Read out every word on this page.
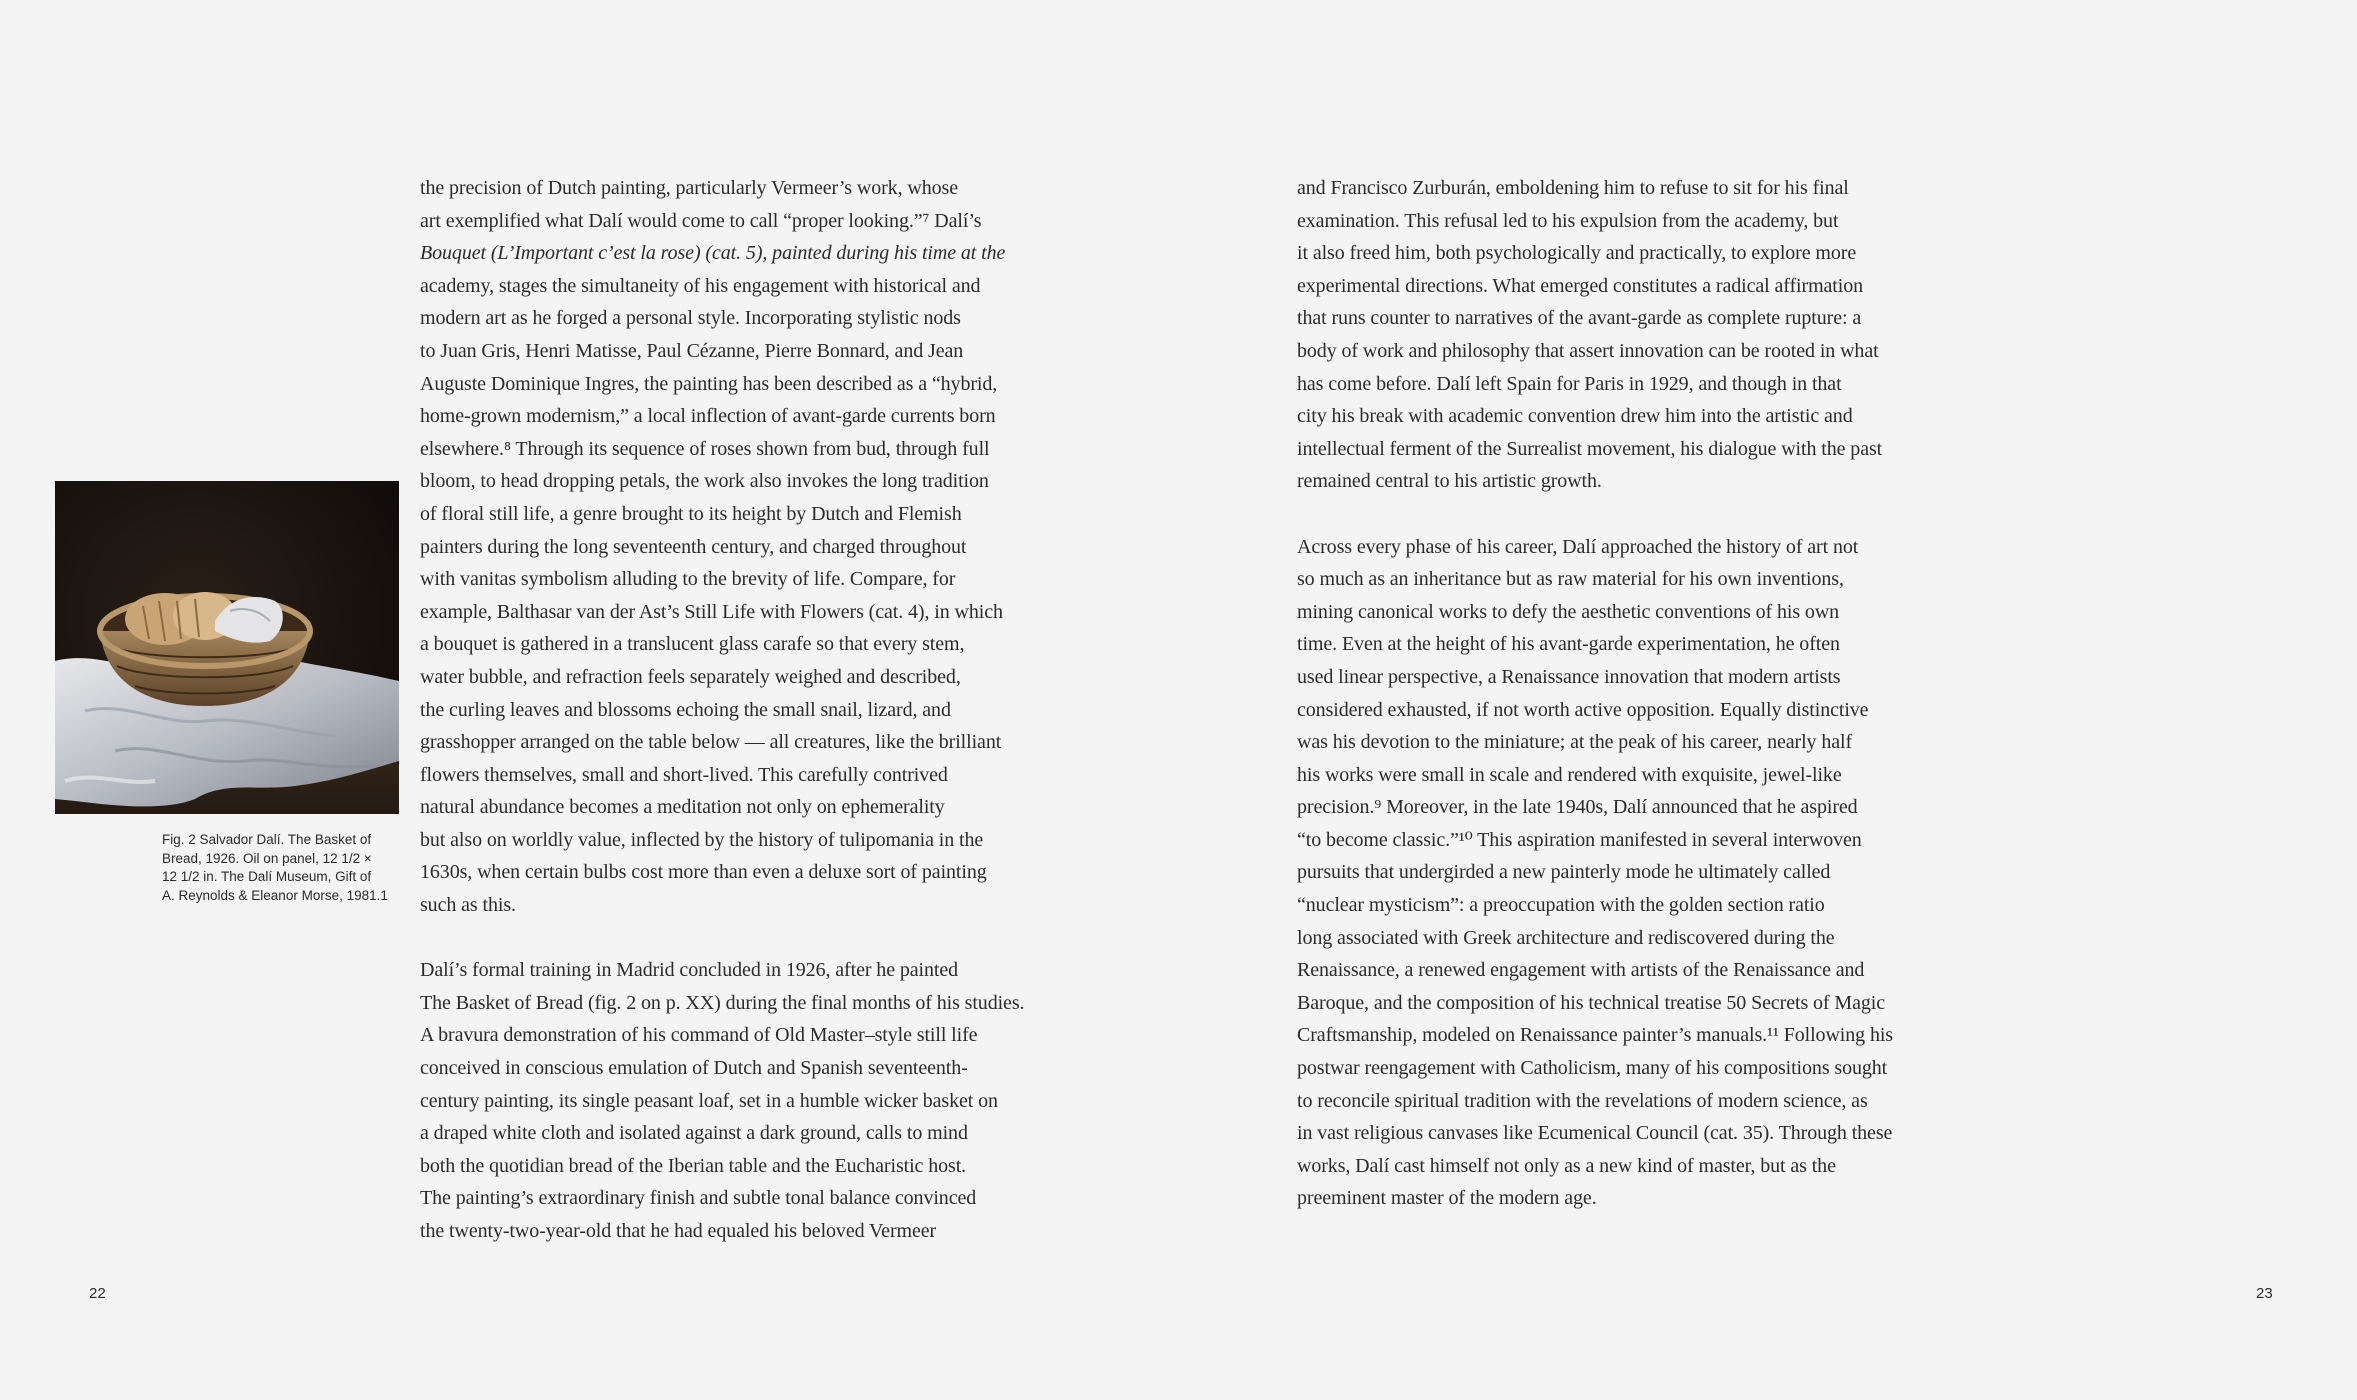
Fig. 2 Salvador Dalí. The Basket of
Bread, 1926. Oil on panel, 12 1/2 ×
12 1/2 in. The Dalí Museum, Gift of
A. Reynolds & Eleanor Morse, 1981.1
the precision of Dutch painting, particularly Vermeer’s work, whose
art exemplified what Dalí would come to call “proper looking.”⁷ Dalí’s
Bouquet (L’Important c’est la rose) (cat. 5), painted during his time at the
academy, stages the simultaneity of his engagement with historical and
modern art as he forged a personal style. Incorporating stylistic nods
to Juan Gris, Henri Matisse, Paul Cézanne, Pierre Bonnard, and Jean
Auguste Dominique Ingres, the painting has been described as a “hybrid,
home-grown modernism,” a local inflection of avant-garde currents born
elsewhere.⁸ Through its sequence of roses shown from bud, through full
bloom, to head dropping petals, the work also invokes the long tradition
of floral still life, a genre brought to its height by Dutch and Flemish
painters during the long seventeenth century, and charged throughout
with vanitas symbolism alluding to the brevity of life. Compare, for
example, Balthasar van der Ast’s Still Life with Flowers (cat. 4), in which
a bouquet is gathered in a translucent glass carafe so that every stem,
water bubble, and refraction feels separately weighed and described,
the curling leaves and blossoms echoing the small snail, lizard, and
grasshopper arranged on the table below — all creatures, like the brilliant
flowers themselves, small and short-lived. This carefully contrived
natural abundance becomes a meditation not only on ephemerality
but also on worldly value, inflected by the history of tulipomania in the
1630s, when certain bulbs cost more than even a deluxe sort of painting
such as this.
Dalí’s formal training in Madrid concluded in 1926, after he painted
The Basket of Bread (fig. 2 on p. XX) during the final months of his studies.
A bravura demonstration of his command of Old Master–style still life
conceived in conscious emulation of Dutch and Spanish seventeenth-
century painting, its single peasant loaf, set in a humble wicker basket on
a draped white cloth and isolated against a dark ground, calls to mind
both the quotidian bread of the Iberian table and the Eucharistic host.
The painting’s extraordinary finish and subtle tonal balance convinced
the twenty-two-year-old that he had equaled his beloved Vermeer
and Francisco Zurburán, emboldening him to refuse to sit for his final
examination. This refusal led to his expulsion from the academy, but
it also freed him, both psychologically and practically, to explore more
experimental directions. What emerged constitutes a radical affirmation
that runs counter to narratives of the avant-garde as complete rupture: a
body of work and philosophy that assert innovation can be rooted in what
has come before. Dalí left Spain for Paris in 1929, and though in that
city his break with academic convention drew him into the artistic and
intellectual ferment of the Surrealist movement, his dialogue with the past
remained central to his artistic growth.
Across every phase of his career, Dalí approached the history of art not
so much as an inheritance but as raw material for his own inventions,
mining canonical works to defy the aesthetic conventions of his own
time. Even at the height of his avant-garde experimentation, he often
used linear perspective, a Renaissance innovation that modern artists
considered exhausted, if not worth active opposition. Equally distinctive
was his devotion to the miniature; at the peak of his career, nearly half
his works were small in scale and rendered with exquisite, jewel-like
precision.⁹ Moreover, in the late 1940s, Dalí announced that he aspired
“to become classic.”¹⁰ This aspiration manifested in several interwoven
pursuits that undergirded a new painterly mode he ultimately called
“nuclear mysticism”: a preoccupation with the golden section ratio
long associated with Greek architecture and rediscovered during the
Renaissance, a renewed engagement with artists of the Renaissance and
Baroque, and the composition of his technical treatise 50 Secrets of Magic
Craftsmanship, modeled on Renaissance painter’s manuals.¹¹ Following his
postwar reengagement with Catholicism, many of his compositions sought
to reconcile spiritual tradition with the revelations of modern science, as
in vast religious canvases like Ecumenical Council (cat. 35). Through these
works, Dalí cast himself not only as a new kind of master, but as the
preeminent master of the modern age.
22	23
